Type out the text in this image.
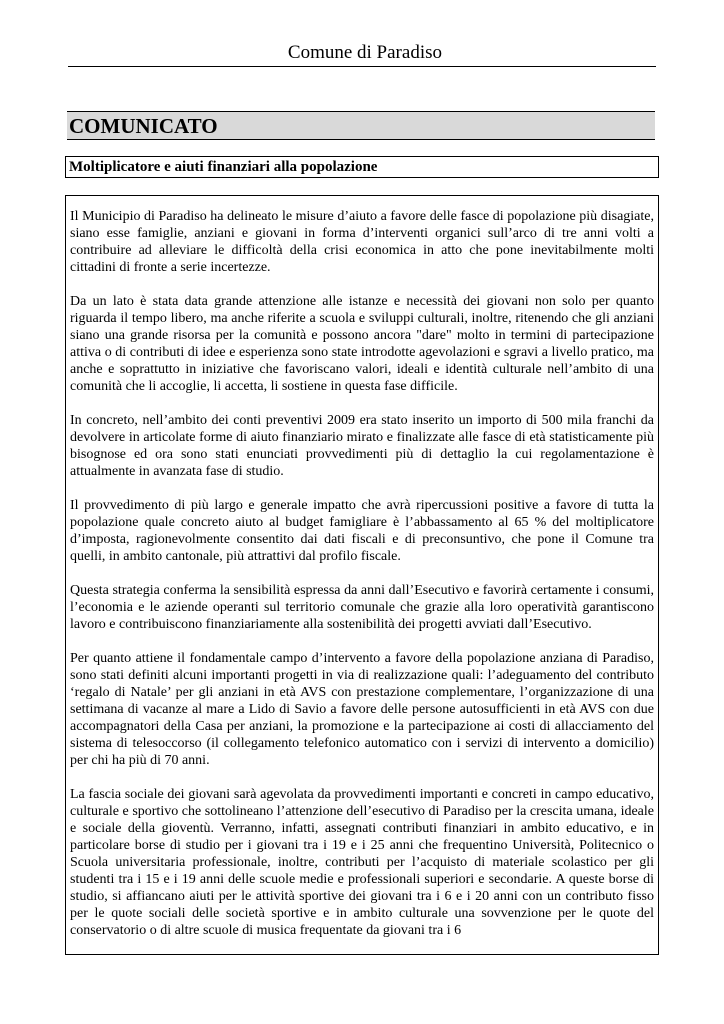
Comune di Paradiso
COMUNICATO
Moltiplicatore e aiuti finanziari alla popolazione

Il Municipio di Paradiso ha delineato le misure d’aiuto a favore delle fasce di popolazione più disagiate, siano esse famiglie, anziani e giovani in forma d’interventi organici sull’arco di tre anni volti a contribuire ad alleviare le difficoltà della crisi economica in atto che pone inevitabilmente molti cittadini di fronte a serie incertezze.

Da un lato è stata data grande attenzione alle istanze e necessità dei giovani non solo per quanto riguarda il tempo libero, ma anche riferite a scuola e sviluppi culturali, inoltre, ritenendo che gli anziani siano una grande risorsa per la comunità e possono ancora "dare" molto in termini di partecipazione attiva o di contributi di idee e esperienza sono state introdotte agevolazioni e sgravi a livello pratico, ma anche e soprattutto in iniziative che favoriscano valori, ideali e identità culturale nell’ambito di una comunità che li accoglie, li accetta, li sostiene in questa fase difficile.

In concreto, nell’ambito dei conti preventivi 2009 era stato inserito un importo di 500 mila franchi da devolvere in articolate forme di aiuto finanziario mirato e finalizzate alle fasce di età statisticamente più bisognose ed ora sono stati enunciati provvedimenti più di dettaglio la cui regolamentazione è attualmente in avanzata fase di studio.

Il provvedimento di più largo e generale impatto che avrà ripercussioni positive a favore di tutta la popolazione quale concreto aiuto al budget famigliare è l’abbassamento al 65 % del moltiplicatore d’imposta, ragionevolmente consentito dai dati fiscali e di preconsuntivo, che pone il Comune tra quelli, in ambito cantonale, più attrattivi dal profilo fiscale.

Questa strategia conferma la sensibilità espressa da anni dall’Esecutivo e favorirà certamente i consumi, l’economia e le aziende operanti sul territorio comunale che grazie alla loro operatività garantiscono lavoro e contribuiscono finanziariamente alla sostenibilità dei progetti avviati dall’Esecutivo.

Per quanto attiene il fondamentale campo d’intervento a favore della popolazione anziana di Paradiso, sono stati definiti alcuni importanti progetti in via di realizzazione quali: l’adeguamento del contributo ‘regalo di Natale’ per gli anziani in età AVS con prestazione complementare, l’organizzazione di una settimana di vacanze al mare a Lido di Savio a favore delle persone autosufficienti in età AVS con due accompagnatori della Casa per anziani, la promozione e la partecipazione ai costi di allacciamento del sistema di telesoccorso (il collegamento telefonico automatico con i servizi di intervento a domicilio) per chi ha più di 70 anni.

La fascia sociale dei giovani sarà agevolata da provvedimenti importanti e concreti in campo educativo, culturale e sportivo che sottolineano l’attenzione dell’esecutivo di Paradiso per la crescita umana, ideale e sociale della gioventù. Verranno, infatti, assegnati contributi finanziari in ambito educativo, e in particolare borse di studio per i giovani tra i 19 e i 25 anni che frequentino Università, Politecnico o Scuola universitaria professionale, inoltre, contributi per l’acquisto di materiale scolastico per gli studenti tra i 15 e i 19 anni delle scuole medie e professionali superiori e secondarie. A queste borse di studio, si affiancano aiuti per le attività sportive dei giovani tra i 6 e i 20 anni con un contributo fisso per le quote sociali delle società sportive e in ambito culturale una sovvenzione per le quote del conservatorio o di altre scuole di musica frequentate da giovani tra i 6
